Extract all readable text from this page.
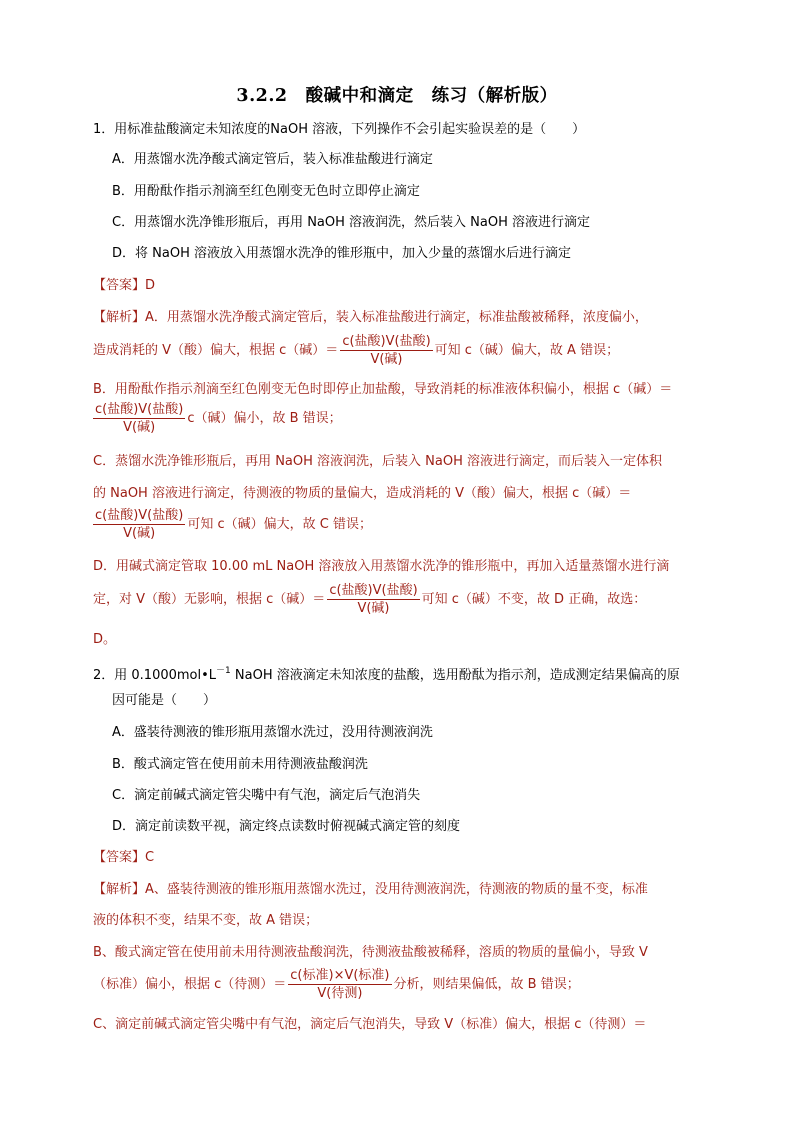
3.2.2　酸碱中和滴定　练习（解析版）
1．用标准盐酸滴定未知浓度的NaOH 溶液，下列操作不会引起实验误差的是（　　）
A．用蒸馏水洗净酸式滴定管后，装入标准盐酸进行滴定
B．用酚酞作指示剂滴至红色刚变无色时立即停止滴定
C．用蒸馏水洗净锥形瓶后，再用 NaOH 溶液润洗，然后装入 NaOH 溶液进行滴定
D．将 NaOH 溶液放入用蒸馏水洗净的锥形瓶中，加入少量的蒸馏水后进行滴定
【答案】D
【解析】A．用蒸馏水洗净酸式滴定管后，装入标准盐酸进行滴定，标准盐酸被稀释，浓度偏小，
造成消耗的 V（酸）偏大，根据 c（碱）＝ $\frac{\text{c(盐酸)V(盐酸)}}{\text{V(碱)}}$ 可知 c（碱）偏大，故 A 错误；
B．用酚酞作指示剂滴至红色刚变无色时即停止加盐酸，导致消耗的标准液体积偏小，根据 c（碱）＝
$\frac{\text{c(盐酸)V(盐酸)}}{\text{V(碱)}} c$（碱）偏小，故 B 错误；
C．蒸馏水洗净锥形瓶后，再用 NaOH 溶液润洗，后装入 NaOH 溶液进行滴定，而后装入一定体积
的 NaOH 溶液进行滴定，待测液的物质的量偏大，造成消耗的 V（酸）偏大，根据 c（碱）＝
$\frac{\text{c(盐酸)V(盐酸)}}{\text{V(碱)}}$ 可知 c（碱）偏大，故 C 错误；
D．用碱式滴定管取 10.00 mL NaOH 溶液放入用蒸馏水洗净的锥形瓶中，再加入适量蒸馏水进行滴
定，对 V（酸）无影响，根据 c（碱）＝ $\frac{\text{c(盐酸)V(盐酸)}}{\text{V(碱)}}$ 可知 c（碱）不变，故 D 正确，故选：
D。
2．用 $0.1000mol•L^{-1}$ NaOH 溶液滴定未知浓度的盐酸，选用酚酞为指示剂，造成测定结果偏高的原
因可能是（　　）
A．盛装待测液的锥形瓶用蒸馏水洗过，没用待测液润洗
B．酸式滴定管在使用前未用待测液盐酸润洗
C．滴定前碱式滴定管尖嘴中有气泡，滴定后气泡消失
D．滴定前读数平视，滴定终点读数时俯视碱式滴定管的刻度
【答案】C
【解析】A、盛装待测液的锥形瓶用蒸馏水洗过，没用待测液润洗，待测液的物质的量不变，标准
液的体积不变，结果不变，故 A 错误；
B、酸式滴定管在使用前未用待测液盐酸润洗，待测液盐酸被稀释，溶质的物质的量偏小，导致 V
（标准）偏小，根据 c（待测）＝ $\frac{\text{c(标准)×V(标准)}}{\text{V(待测)}}$ 分析，则结果偏低，故 B 错误；
C、滴定前碱式滴定管尖嘴中有气泡，滴定后气泡消失，导致 V（标准）偏大，根据 c（待测）＝
